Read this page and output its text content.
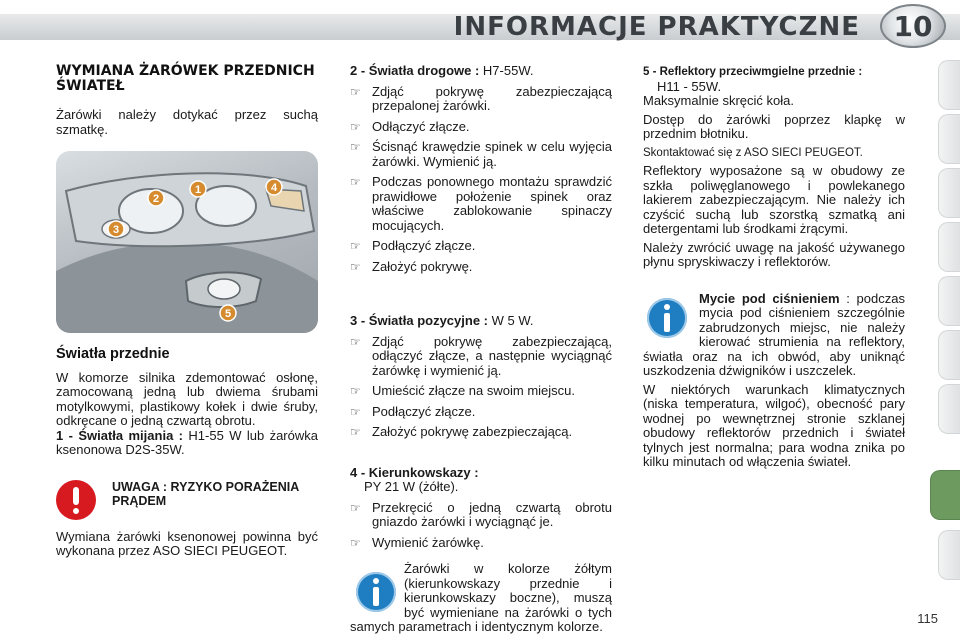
INFORMACJE PRAKTYCZNE 10
WYMIANA ŻARÓWEK PRZEDNICH ŚWIATEŁ
Żarówki należy dotykać przez suchą szmatkę.
1
2
3
4
5
Światła przednie
W komorze silnika zdemontować osłonę, zamocowaną jedną lub dwiema śrubami motylkowymi, plastikowy kołek i dwie śruby, odkręcane o jedną czwartą obrotu.
1 - Światła mijania : H1-55 W lub żarówka ksenonowa D2S-35W.
UWAGA : RYZYKO PORAŻENIA PRĄDEM
Wymiana żarówki ksenonowej powinna być wykonana przez ASO SIECI PEUGEOT.
2 - Światła drogowe : H7-55W.
☞ Zdjąć pokrywę zabezpieczającą przepalonej żarówki.
☞ Odłączyć złącze.
☞ Ścisnąć krawędzie spinek w celu wyjęcia żarówki. Wymienić ją.
☞ Podczas ponownego montażu sprawdzić prawidłowe położenie spinek oraz właściwe zablokowanie spinaczy mocujących.
☞ Podłączyć złącze.
☞ Założyć pokrywę.
3 - Światła pozycyjne : W 5 W.
☞ Zdjąć pokrywę zabezpieczającą, odłączyć złącze, a następnie wyciągnąć żarówkę i wymienić ją.
☞ Umieścić złącze na swoim miejscu.
☞ Podłączyć złącze.
☞ Założyć pokrywę zabezpieczającą.
4 - Kierunkowskazy :
PY 21 W (żółte).
☞ Przekręcić o jedną czwartą obrotu gniazdo żarówki i wyciągnąć je.
☞ Wymienić żarówkę.
Żarówki w kolorze żółtym (kierunkowskazy przednie i kierunkowskazy boczne), muszą być wymieniane na żarówki o tych samych parametrach i identycznym kolorze.
5 - Reflektory przeciwmgielne przednie :
H11 - 55W.
Maksymalnie skręcić koła.
Dostęp do żarówki poprzez klapkę w przednim błotniku.
Skontaktować się z ASO SIECI PEUGEOT.
Reflektory wyposażone są w obudowy ze szkła poliwęglanowego i powlekanego lakierem zabezpieczającym. Nie należy ich czyścić suchą lub szorstką szmatką ani detergentami lub środkami żrącymi.
Należy zwrócić uwagę na jakość używanego płynu spryskiwaczy i reflektorów.
Mycie pod ciśnieniem : podczas mycia pod ciśnieniem szczególnie zabrudzonych miejsc, nie należy kierować strumienia na reflektory, światła oraz na ich obwód, aby uniknąć uszkodzenia dźwigników i uszczelek.
W niektórych warunkach klimatycznych (niska temperatura, wilgoć), obecność pary wodnej po wewnętrznej stronie szklanej obudowy reflektorów przednich i świateł tylnych jest normalna; para wodna znika po kilku minutach od włączenia świateł.
115
